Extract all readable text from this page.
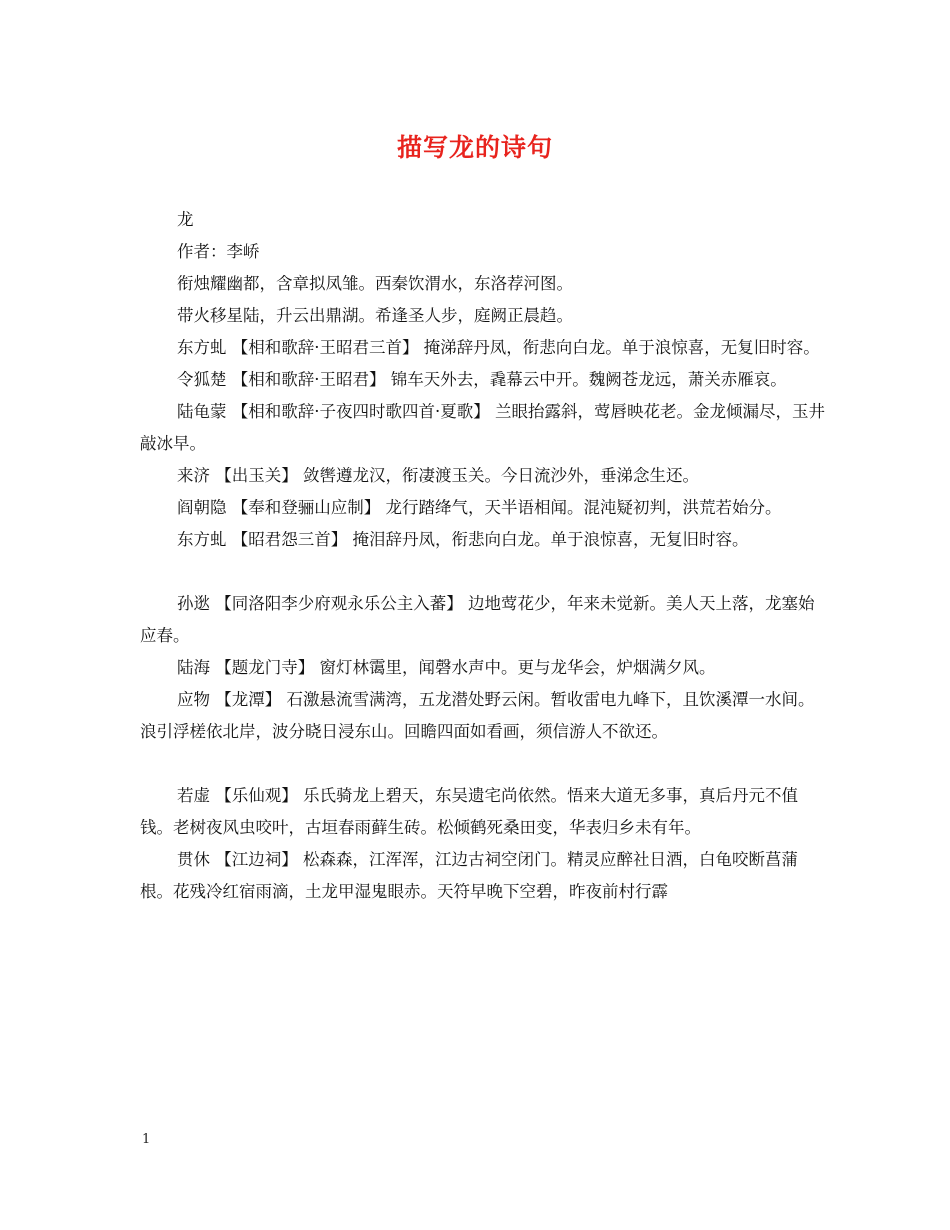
描写龙的诗句

龙

作者：李峤

衔烛耀幽都，含章拟凤雏。西秦饮渭水，东洛荐河图。

带火移星陆，升云出鼎湖。希逢圣人步，庭阙正晨趋。

东方虬 【相和歌辞·王昭君三首】 掩涕辞丹凤，衔悲向白龙。单于浪惊喜，无复旧时容。

令狐楚 【相和歌辞·王昭君】 锦车天外去，毳幕云中开。魏阙苍龙远，萧关赤雁哀。

陆龟蒙 【相和歌辞·子夜四时歌四首·夏歌】 兰眼抬露斜，莺唇映花老。金龙倾漏尽，玉井敲冰早。

来济 【出玉关】 敛辔遵龙汉，衔凄渡玉关。今日流沙外，垂涕念生还。

阎朝隐 【奉和登骊山应制】 龙行踏绛气，天半语相闻。混沌疑初判，洪荒若始分。

东方虬 【昭君怨三首】 掩泪辞丹凤，衔悲向白龙。单于浪惊喜，无复旧时容。

孙逖 【同洛阳李少府观永乐公主入蕃】 边地莺花少，年来未觉新。美人天上落，龙塞始应春。

陆海 【题龙门寺】 窗灯林霭里，闻磬水声中。更与龙华会，炉烟满夕风。

应物 【龙潭】 石激悬流雪满湾，五龙潜处野云闲。暂收雷电九峰下，且饮溪潭一水间。浪引浮槎依北岸，波分晓日浸东山。回瞻四面如看画，须信游人不欲还。

若虚 【乐仙观】 乐氏骑龙上碧天，东吴遗宅尚依然。悟来大道无多事，真后丹元不值钱。老树夜风虫咬叶，古垣春雨藓生砖。松倾鹤死桑田变，华表归乡未有年。

贯休 【江边祠】 松森森，江浑浑，江边古祠空闭门。精灵应醉社日酒，白龟咬断菖蒲根。花残冷红宿雨滴，土龙甲湿鬼眼赤。天符早晚下空碧，昨夜前村行霹

1
